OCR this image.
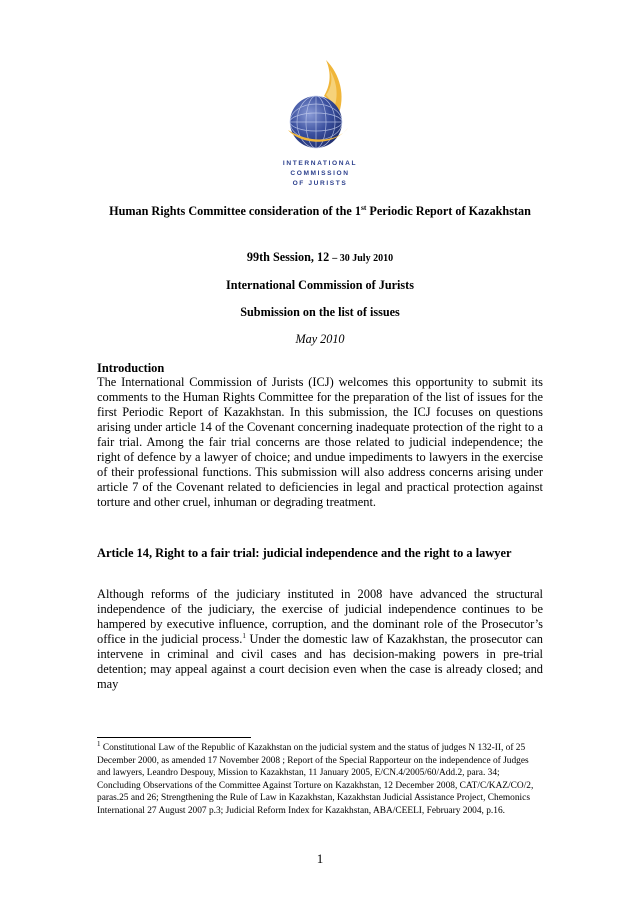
INTERNATIONAL
COMMISSION
OF JURISTS
Human Rights Committee consideration of the 1st Periodic Report of Kazakhstan
99th Session, 12 – 30 July 2010
International Commission of Jurists
Submission on the list of issues
May 2010
Introduction
The International Commission of Jurists (ICJ) welcomes this opportunity to submit its comments to the Human Rights Committee for the preparation of the list of issues for the first Periodic Report of Kazakhstan. In this submission, the ICJ focuses on questions arising under article 14 of the Covenant concerning inadequate protection of the right to a fair trial. Among the fair trial concerns are those related to judicial independence; the right of defence by a lawyer of choice; and undue impediments to lawyers in the exercise of their professional functions. This submission will also address concerns arising under article 7 of the Covenant related to deficiencies in legal and practical protection against torture and other cruel, inhuman or degrading treatment.
Article 14, Right to a fair trial: judicial independence and the right to a lawyer
Although reforms of the judiciary instituted in 2008 have advanced the structural independence of the judiciary, the exercise of judicial independence continues to be hampered by executive influence, corruption, and the dominant role of the Prosecutor’s office in the judicial process.$^1$ Under the domestic law of Kazakhstan, the prosecutor can intervene in criminal and civil cases and has decision-making powers in pre-trial detention; may appeal against a court decision even when the case is already closed; and may
$^1$ Constitutional Law of the Republic of Kazakhstan on the judicial system and the status of judges N 132-II, of 25 December 2000, as amended 17 November 2008 ; Report of the Special Rapporteur on the independence of Judges and lawyers, Leandro Despouy, Mission to Kazakhstan, 11 January 2005, E/CN.4/2005/60/Add.2, para. 34; Concluding Observations of the Committee Against Torture on Kazakhstan, 12 December 2008, CAT/C/KAZ/CO/2, paras.25 and 26; Strengthening the Rule of Law in Kazakhstan, Kazakhstan Judicial Assistance Project, Chemonics International 27 August 2007 p.3; Judicial Reform Index for Kazakhstan, ABA/CEELI, February 2004, p.16.
1
